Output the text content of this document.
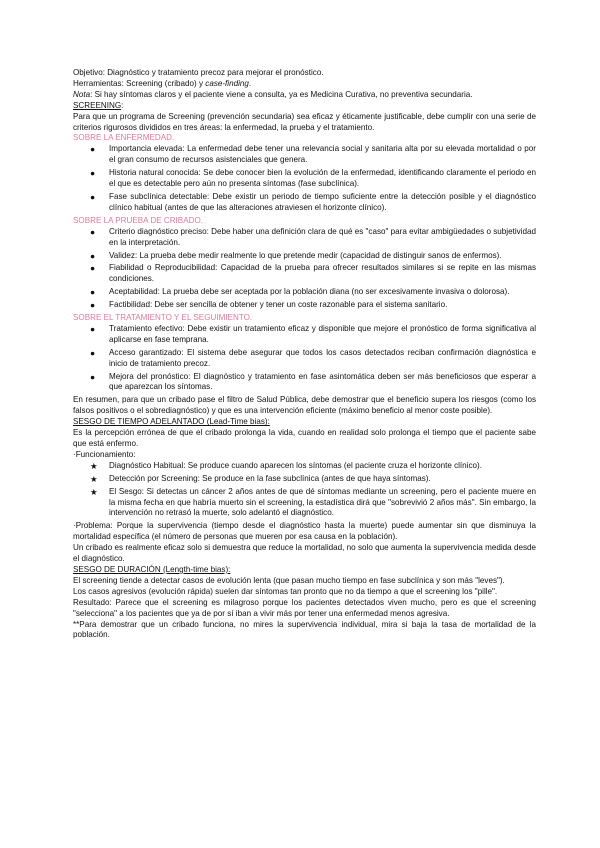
Objetivo: Diagnóstico y tratamiento precoz para mejorar el pronóstico.

Herramientas: Screening (cribado) y case-finding.

Nota: Si hay síntomas claros y el paciente viene a consulta, ya es Medicina Curativa, no preventiva secundaria.

SCREENING:

Para que un programa de Screening (prevención secundaria) sea eficaz y éticamente justificable, debe cumplir con una serie de criterios rigurosos divididos en tres áreas: la enfermedad, la prueba y el tratamiento.

SOBRE LA ENFERMEDAD.

● Importancia elevada: La enfermedad debe tener una relevancia social y sanitaria alta por su elevada mortalidad o por el gran consumo de recursos asistenciales que genera.
● Historia natural conocida: Se debe conocer bien la evolución de la enfermedad, identificando claramente el periodo en el que es detectable pero aún no presenta síntomas (fase subclínica).
● Fase subclínica detectable: Debe existir un periodo de tiempo suficiente entre la detección posible y el diagnóstico clínico habitual (antes de que las alteraciones atraviesen el horizonte clínico).

SOBRE LA PRUEBA DE CRIBADO.

● Criterio diagnóstico preciso: Debe haber una definición clara de qué es "caso" para evitar ambigüedades o subjetividad en la interpretación.
● Validez: La prueba debe medir realmente lo que pretende medir (capacidad de distinguir sanos de enfermos).
● Fiabilidad o Reproducibilidad: Capacidad de la prueba para ofrecer resultados similares si se repite en las mismas condiciones.
● Aceptabilidad: La prueba debe ser aceptada por la población diana (no ser excesivamente invasiva o dolorosa).
● Factibilidad: Debe ser sencilla de obtener y tener un coste razonable para el sistema sanitario.

SOBRE EL TRATAMIENTO Y EL SEGUIMIENTO.

● Tratamiento efectivo: Debe existir un tratamiento eficaz y disponible que mejore el pronóstico de forma significativa al aplicarse en fase temprana.
● Acceso garantizado: El sistema debe asegurar que todos los casos detectados reciban confirmación diagnóstica e inicio de tratamiento precoz.
● Mejora del pronóstico: El diagnóstico y tratamiento en fase asintomática deben ser más beneficiosos que esperar a que aparezcan los síntomas.

En resumen, para que un cribado pase el filtro de Salud Pública, debe demostrar que el beneficio supera los riesgos (como los falsos positivos o el sobrediagnóstico) y que es una intervención eficiente (máximo beneficio al menor coste posible).

SESGO DE TIEMPO ADELANTADO (Lead-Time bias):

Es la percepción errónea de que el cribado prolonga la vida, cuando en realidad solo prolonga el tiempo que el paciente sabe que está enfermo.

·Funcionamiento:

★ Diagnóstico Habitual: Se produce cuando aparecen los síntomas (el paciente cruza el horizonte clínico).
★ Detección por Screening: Se produce en la fase subclínica (antes de que haya síntomas).
★ El Sesgo: Si detectas un cáncer 2 años antes de que dé síntomas mediante un screening, pero el paciente muere en la misma fecha en que habría muerto sin el screening, la estadística dirá que "sobrevivió 2 años más". Sin embargo, la intervención no retrasó la muerte, solo adelantó el diagnóstico.

·Problema: Porque la supervivencia (tiempo desde el diagnóstico hasta la muerte) puede aumentar sin que disminuya la mortalidad específica (el número de personas que mueren por esa causa en la población).

Un cribado es realmente eficaz solo si demuestra que reduce la mortalidad, no solo que aumenta la supervivencia medida desde el diagnóstico.

SESGO DE DURACIÓN (Length-time bias):

El screening tiende a detectar casos de evolución lenta (que pasan mucho tiempo en fase subclínica y son más "leves").

Los casos agresivos (evolución rápida) suelen dar síntomas tan pronto que no da tiempo a que el screening los "pille".

Resultado: Parece que el screening es milagroso porque los pacientes detectados viven mucho, pero es que el screening "selecciona" a los pacientes que ya de por sí iban a vivir más por tener una enfermedad menos agresiva.

**Para demostrar que un cribado funciona, no mires la supervivencia individual, mira si baja la tasa de mortalidad de la población.
